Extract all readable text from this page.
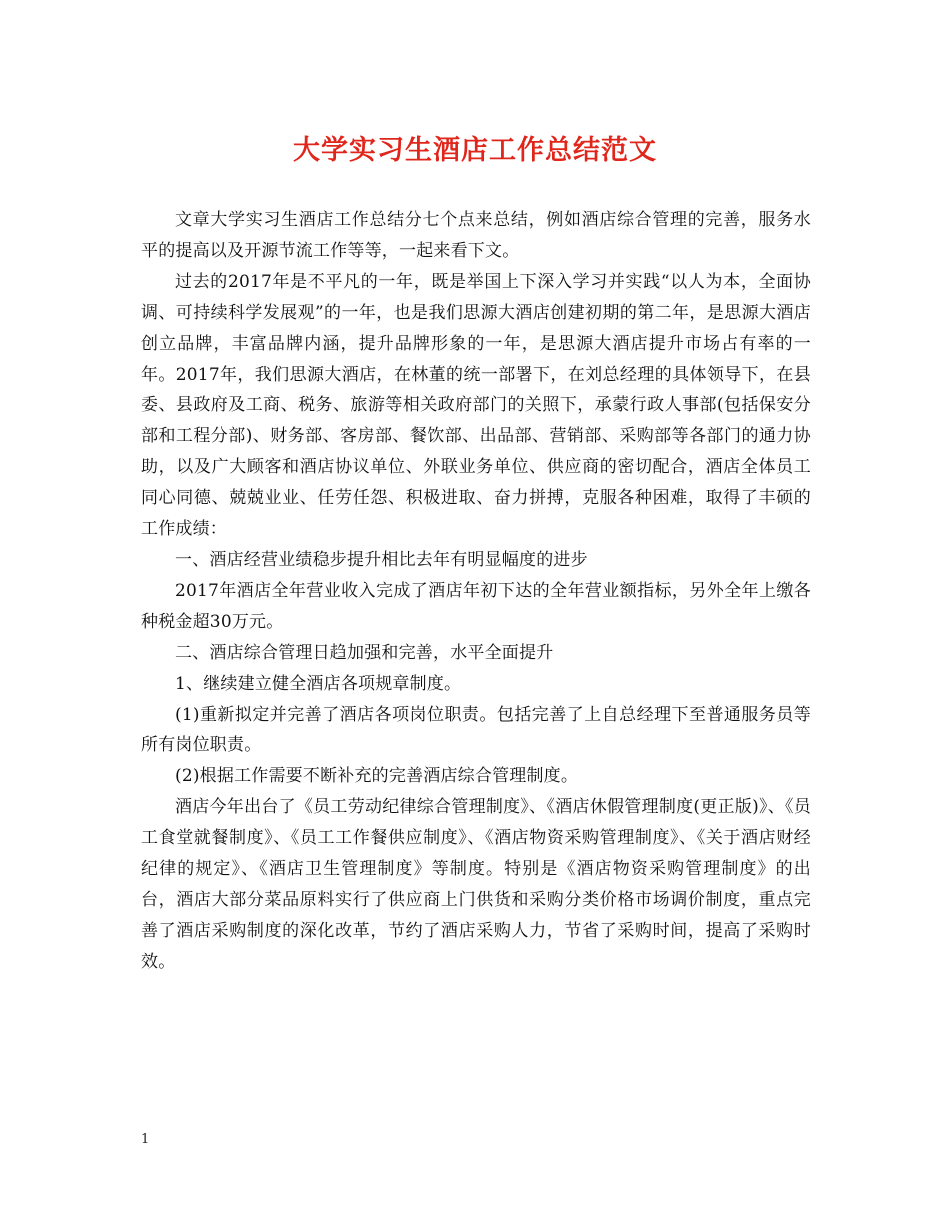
大学实习生酒店工作总结范文

文章大学实习生酒店工作总结分七个点来总结，例如酒店综合管理的完善，服务水平的提高以及开源节流工作等等，一起来看下文。

过去的2017年是不平凡的一年，既是举国上下深入学习并实践“以人为本，全面协调、可持续科学发展观”的一年，也是我们思源大酒店创建初期的第二年，是思源大酒店创立品牌，丰富品牌内涵，提升品牌形象的一年，是思源大酒店提升市场占有率的一年。2017年，我们思源大酒店，在林董的统一部署下，在刘总经理的具体领导下，在县委、县政府及工商、税务、旅游等相关政府部门的关照下，承蒙行政人事部(包括保安分部和工程分部)、财务部、客房部、餐饮部、出品部、营销部、采购部等各部门的通力协助，以及广大顾客和酒店协议单位、外联业务单位、供应商的密切配合，酒店全体员工同心同德、兢兢业业、任劳任怨、积极进取、奋力拼搏，克服各种困难，取得了丰硕的工作成绩：

一、酒店经营业绩稳步提升相比去年有明显幅度的进步

2017年酒店全年营业收入完成了酒店年初下达的全年营业额指标，另外全年上缴各种税金超30万元。

二、酒店综合管理日趋加强和完善，水平全面提升

1、继续建立健全酒店各项规章制度。

(1)重新拟定并完善了酒店各项岗位职责。包括完善了上自总经理下至普通服务员等所有岗位职责。

(2)根据工作需要不断补充的完善酒店综合管理制度。

酒店今年出台了《员工劳动纪律综合管理制度》、《酒店休假管理制度(更正版)》、《员工食堂就餐制度》、《员工工作餐供应制度》、《酒店物资采购管理制度》、《关于酒店财经纪律的规定》、《酒店卫生管理制度》等制度。特别是《酒店物资采购管理制度》的出台，酒店大部分菜品原料实行了供应商上门供货和采购分类价格市场调价制度，重点完善了酒店采购制度的深化改革，节约了酒店采购人力，节省了采购时间，提高了采购时效。

1
